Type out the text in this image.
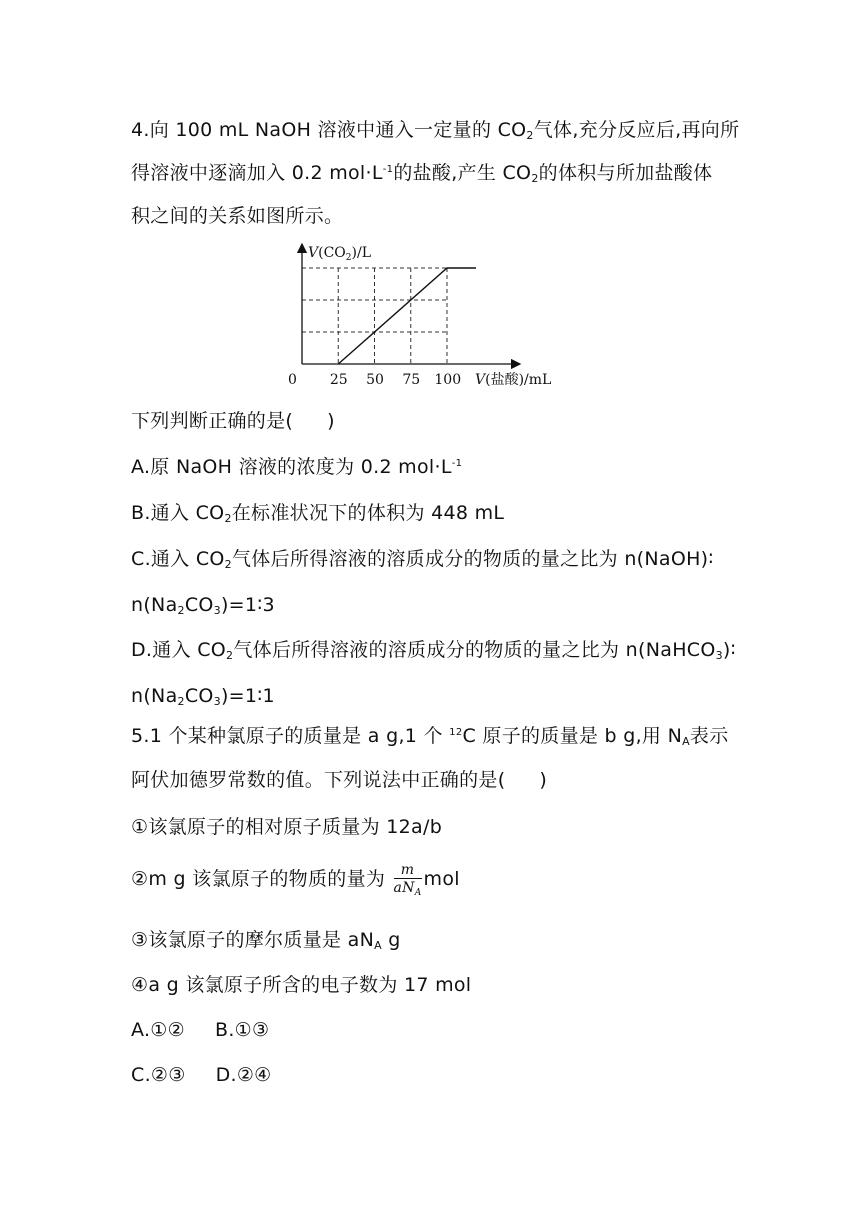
4.向 100 mL NaOH 溶液中通入一定量的 $CO_2$气体,充分反应后,再向所
得溶液中逐滴加入 0.2 $mol\cdot L^{-1}$的盐酸,产生 $CO_2$的体积与所加盐酸体
积之间的关系如图所示。
0 25 50 75 100
$V(CO_2)/L$
V(盐酸)/mL
下列判断正确的是( )
A.原 NaOH 溶液的浓度为 0.2 $mol\cdot L^{-1}$
B.通入 $CO_2$在标准状况下的体积为 448 mL
C.通入 $CO_2$气体后所得溶液的溶质成分的物质的量之比为 n(NaOH)∶
$n(Na_2CO_3)=1∶3$
D.通入 $CO_2$气体后所得溶液的溶质成分的物质的量之比为 n(NaHCO$_3$)∶
$n(Na_2CO_3)=1∶1$
5.1 个某种氯原子的质量是 a g,1 个 $^{12}$C 原子的质量是 b g,用 $N_A$表示
阿伏加德罗常数的值。下列说法中正确的是( )
①该氯原子的相对原子质量为 12a/b
②m g 该氯原子的物质的量为 $\frac{m}{aN_A}$ mol
③该氯原子的摩尔质量是 $aN_A$ g
④a g 该氯原子所含的电子数为 17 mol
A.①② B.①③
C.②③ D.②④
